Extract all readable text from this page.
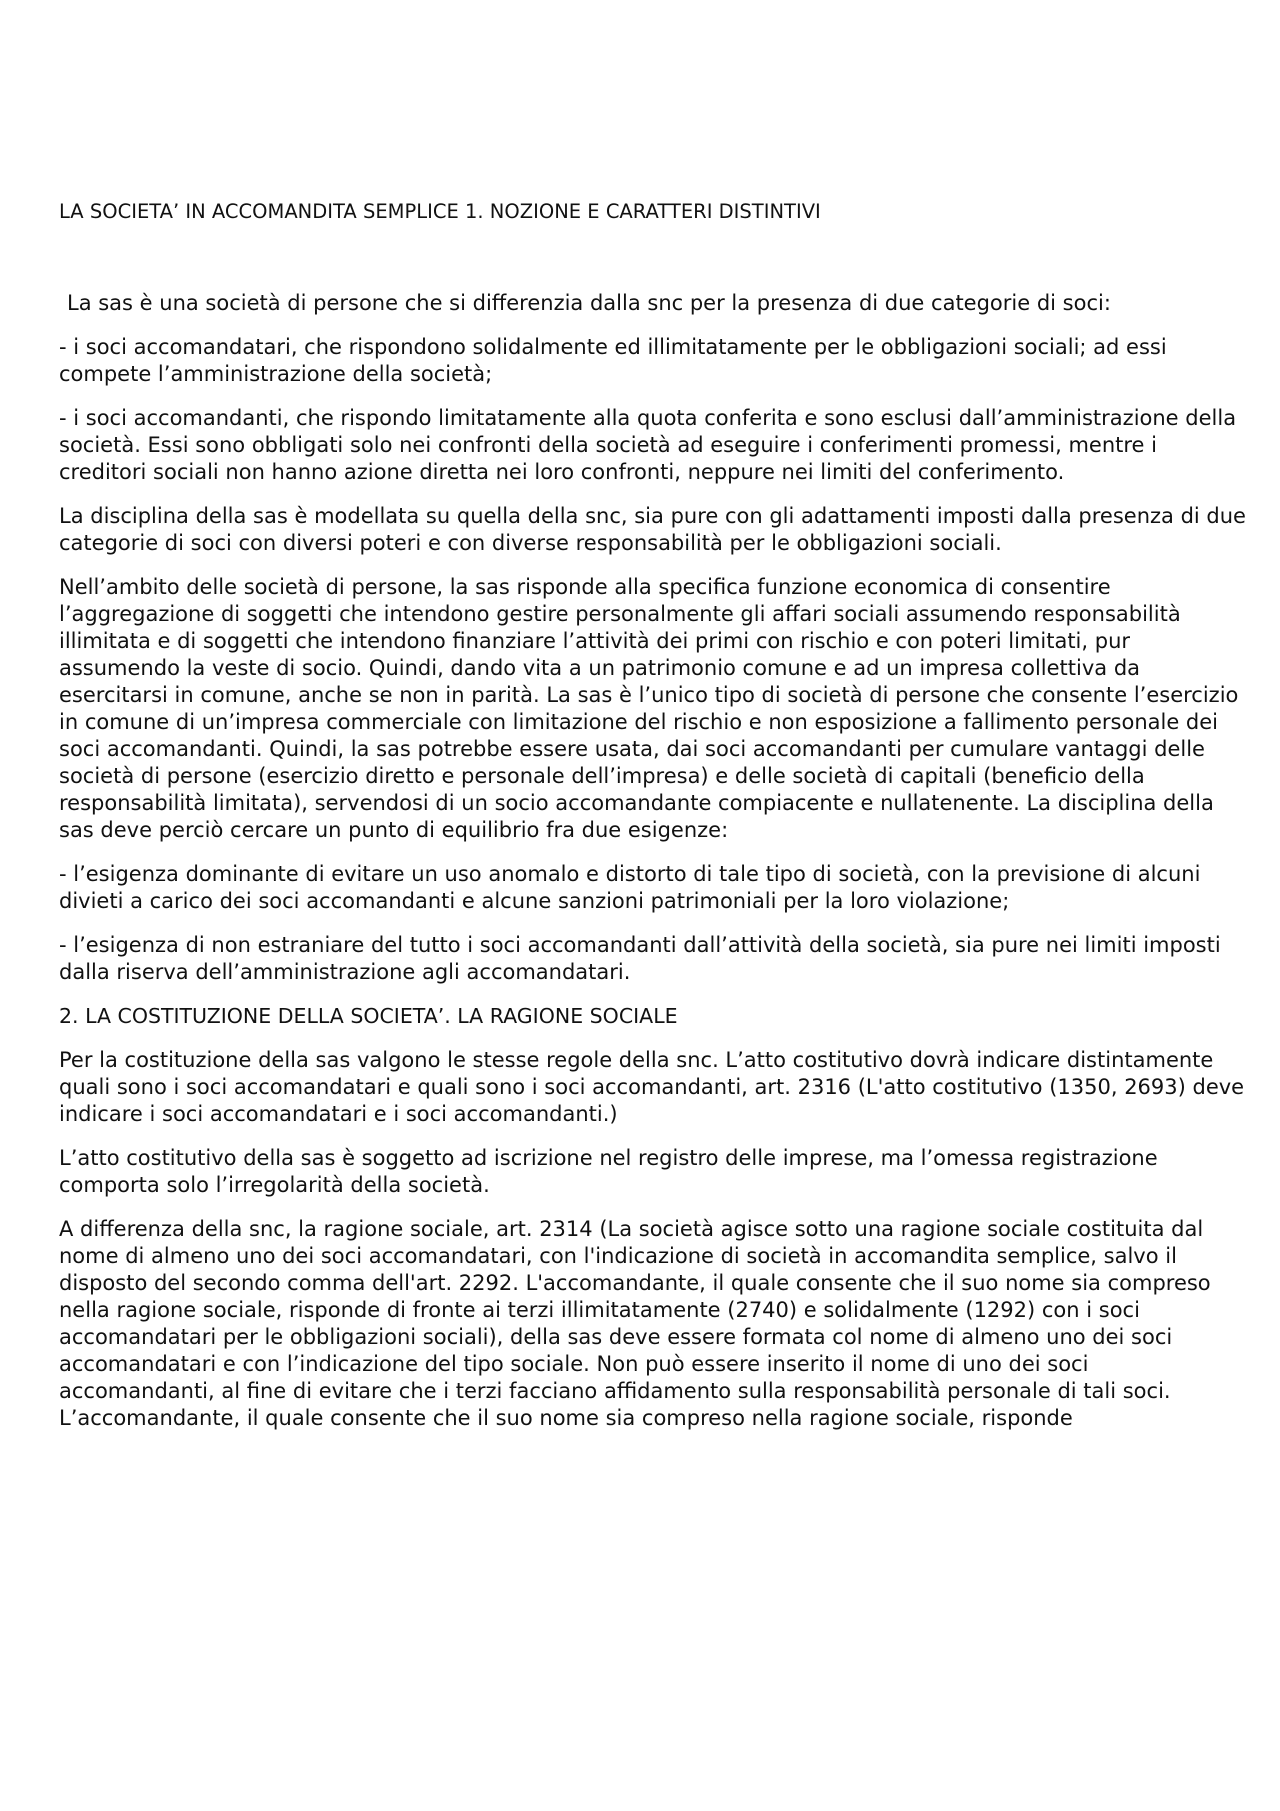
LA SOCIETA’ IN ACCOMANDITA SEMPLICE 1. NOZIONE E CARATTERI DISTINTIVI

La sas è una società di persone che si differenzia dalla snc per la presenza di due categorie di soci:

- i soci accomandatari, che rispondono solidalmente ed illimitatamente per le obbligazioni sociali; ad essi compete l’amministrazione della società;

- i soci accomandanti, che rispondo limitatamente alla quota conferita e sono esclusi dall’amministrazione della società. Essi sono obbligati solo nei confronti della società ad eseguire i conferimenti promessi, mentre i creditori sociali non hanno azione diretta nei loro confronti, neppure nei limiti del conferimento.

La disciplina della sas è modellata su quella della snc, sia pure con gli adattamenti imposti dalla presenza di due categorie di soci con diversi poteri e con diverse responsabilità per le obbligazioni sociali.

Nell’ambito delle società di persone, la sas risponde alla specifica funzione economica di consentire l’aggregazione di soggetti che intendono gestire personalmente gli affari sociali assumendo responsabilità illimitata e di soggetti che intendono finanziare l’attività dei primi con rischio e con poteri limitati, pur assumendo la veste di socio. Quindi, dando vita a un patrimonio comune e ad un impresa collettiva da esercitarsi in comune, anche se non in parità. La sas è l’unico tipo di società di persone che consente l’esercizio in comune di un’impresa commerciale con limitazione del rischio e non esposizione a fallimento personale dei soci accomandanti. Quindi, la sas potrebbe essere usata, dai soci accomandanti per cumulare vantaggi delle società di persone (esercizio diretto e personale dell’impresa) e delle società di capitali (beneficio della responsabilità limitata), servendosi di un socio accomandante compiacente e nullatenente. La disciplina della sas deve perciò cercare un punto di equilibrio fra due esigenze:

- l’esigenza dominante di evitare un uso anomalo e distorto di tale tipo di società, con la previsione di alcuni divieti a carico dei soci accomandanti e alcune sanzioni patrimoniali per la loro violazione;

- l’esigenza di non estraniare del tutto i soci accomandanti dall’attività della società, sia pure nei limiti imposti dalla riserva dell’amministrazione agli accomandatari.

2. LA COSTITUZIONE DELLA SOCIETA’. LA RAGIONE SOCIALE

Per la costituzione della sas valgono le stesse regole della snc. L’atto costitutivo dovrà indicare distintamente quali sono i soci accomandatari e quali sono i soci accomandanti, art. 2316 (L'atto costitutivo (1350, 2693) deve indicare i soci accomandatari e i soci accomandanti.)

L’atto costitutivo della sas è soggetto ad iscrizione nel registro delle imprese, ma l’omessa registrazione comporta solo l’irregolarità della società.

A differenza della snc, la ragione sociale, art. 2314 (La società agisce sotto una ragione sociale costituita dal nome di almeno uno dei soci accomandatari, con l'indicazione di società in accomandita semplice, salvo il disposto del secondo comma dell'art. 2292. L'accomandante, il quale consente che il suo nome sia compreso nella ragione sociale, risponde di fronte ai terzi illimitatamente (2740) e solidalmente (1292) con i soci accomandatari per le obbligazioni sociali), della sas deve essere formata col nome di almeno uno dei soci accomandatari e con l’indicazione del tipo sociale. Non può essere inserito il nome di uno dei soci accomandanti, al fine di evitare che i terzi facciano affidamento sulla responsabilità personale di tali soci. L’accomandante, il quale consente che il suo nome sia compreso nella ragione sociale, risponde
